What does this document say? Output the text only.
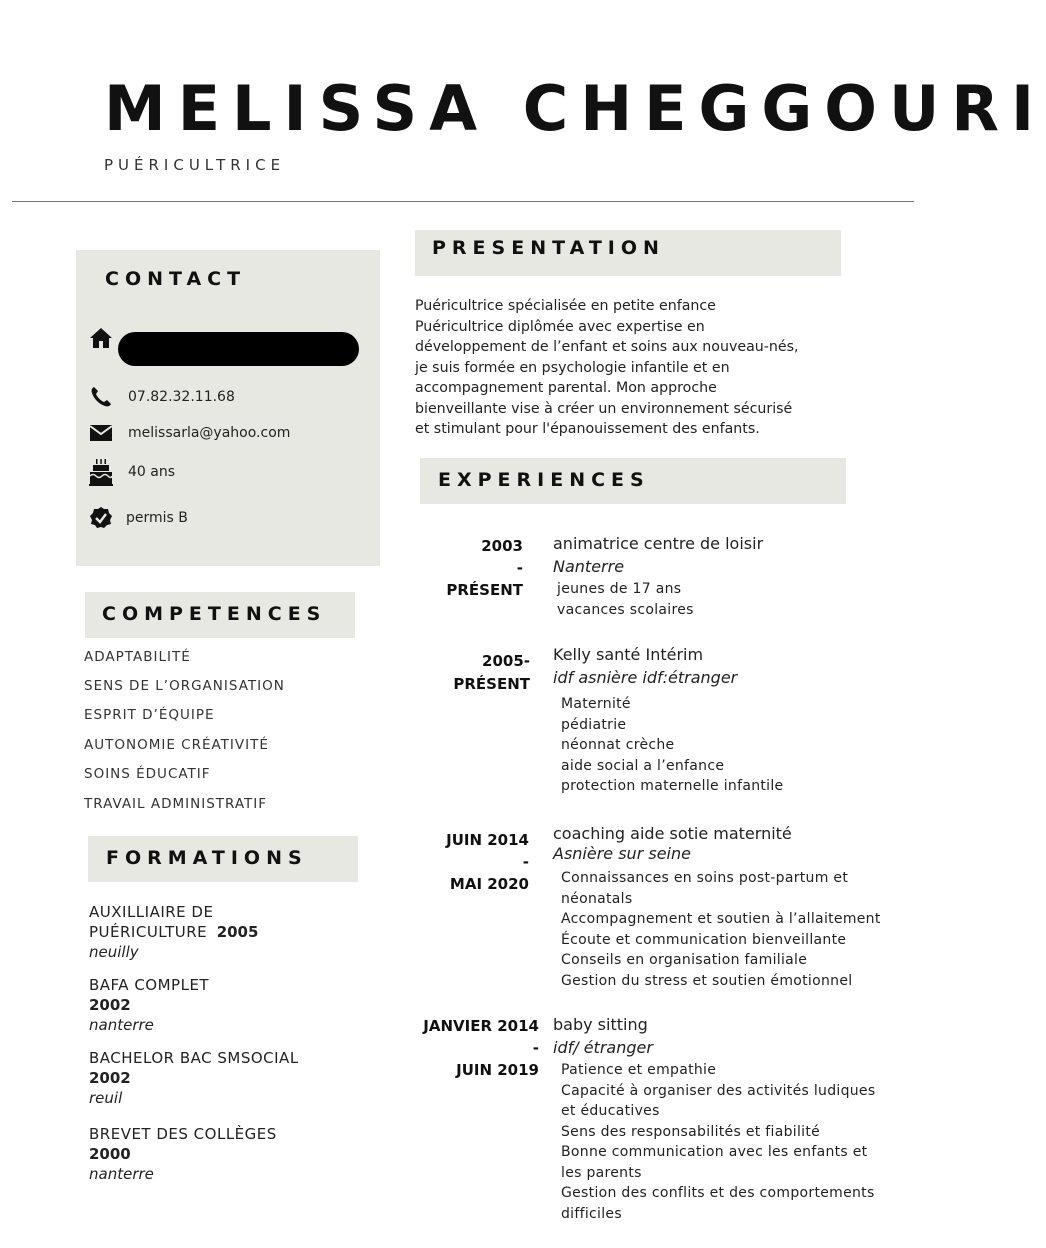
MELISSA CHEGGOURI
PUÉRICULTRICE
CONTACT
07.82.32.11.68
melissarla@yahoo.com
40 ans
permis B
COMPETENCES
ADAPTABILITÉ
SENS DE L’ORGANISATION
ESPRIT D’ÉQUIPE
AUTONOMIE CRÉATIVITÉ
SOINS ÉDUCATIF
TRAVAIL ADMINISTRATIF
FORMATIONS
AUXILLIAIRE DE
PUÉRICULTURE 2005
neuilly
BAFA COMPLET
2002
nanterre
BACHELOR BAC SMSOCIAL
2002
reuil
BREVET DES COLLÈGES
2000
nanterre
PRESENTATION
Puéricultrice spécialisée en petite enfance
Puéricultrice diplômée avec expertise en
développement de l’enfant et soins aux nouveau-nés,
je suis formée en psychologie infantile et en
accompagnement parental. Mon approche
bienveillante vise à créer un environnement sécurisé
et stimulant pour l'épanouissement des enfants.
EXPERIENCES
2003
-
PRÉSENT
animatrice centre de loisir
Nanterre
jeunes de 17 ans
vacances scolaires
2005-
PRÉSENT
Kelly santé Intérim
idf asnière idf:étranger
Maternité
pédiatrie
néonnat crèche
aide social a l’enfance
protection maternelle infantile
JUIN 2014
-
MAI 2020
coaching aide sotie maternité
Asnière sur seine
Connaissances en soins post-partum et
néonatals
Accompagnement et soutien à l’allaitement
Écoute et communication bienveillante
Conseils en organisation familiale
Gestion du stress et soutien émotionnel
JANVIER 2014
-
JUIN 2019
baby sitting
idf/ étranger
Patience et empathie
Capacité à organiser des activités ludiques
et éducatives
Sens des responsabilités et fiabilité
Bonne communication avec les enfants et
les parents
Gestion des conflits et des comportements
difficiles
